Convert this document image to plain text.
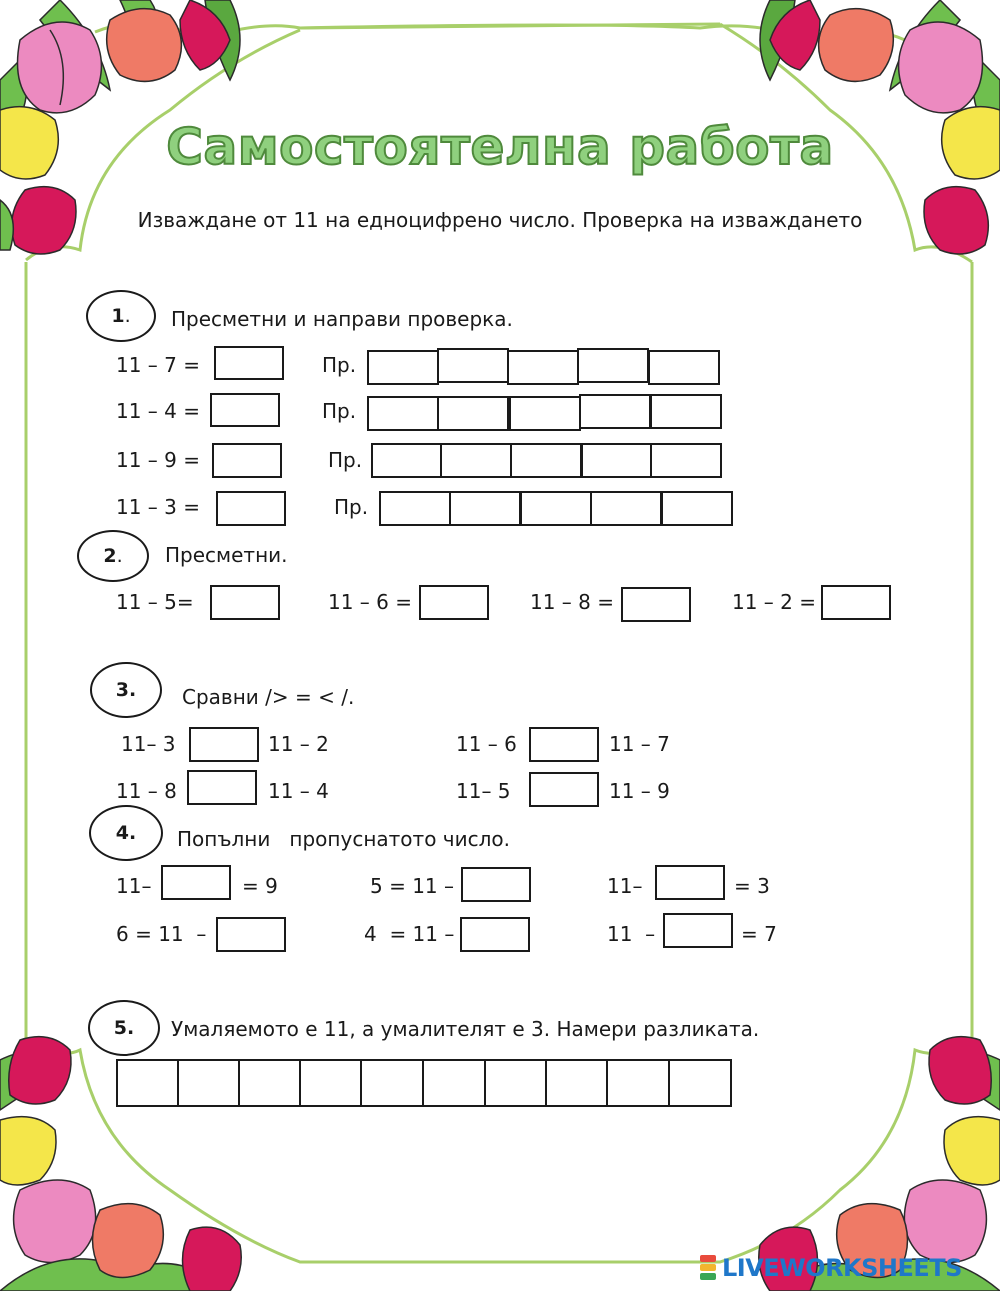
Самостоятелна работа
Изваждане от 11 на едноцифрено число. Проверка на изваждането
1 . Пресметни и направи проверка.
11 – 7 =	Пр.
11 – 4 =	Пр.
11 – 9 =	Пр.
11 – 3 =	Пр.
2 . Пресметни.
11 – 5=	11 – 6 =	11 – 8 =	11 – 2 =
3. Сравни /> = < /.
11– 3	11 – 2	11 – 6	11 – 7
11 – 8	11 – 4	11– 5	11 – 9
4. Попълни   пропуснатото число.
11–	= 9	5 = 11 –	11–	= 3
6 = 11  –	4  = 11 –	11  –	= 7
5. Умаляемото е 11, а умалителят е 3. Намери разликата.
LIVEWORKSHEETS
